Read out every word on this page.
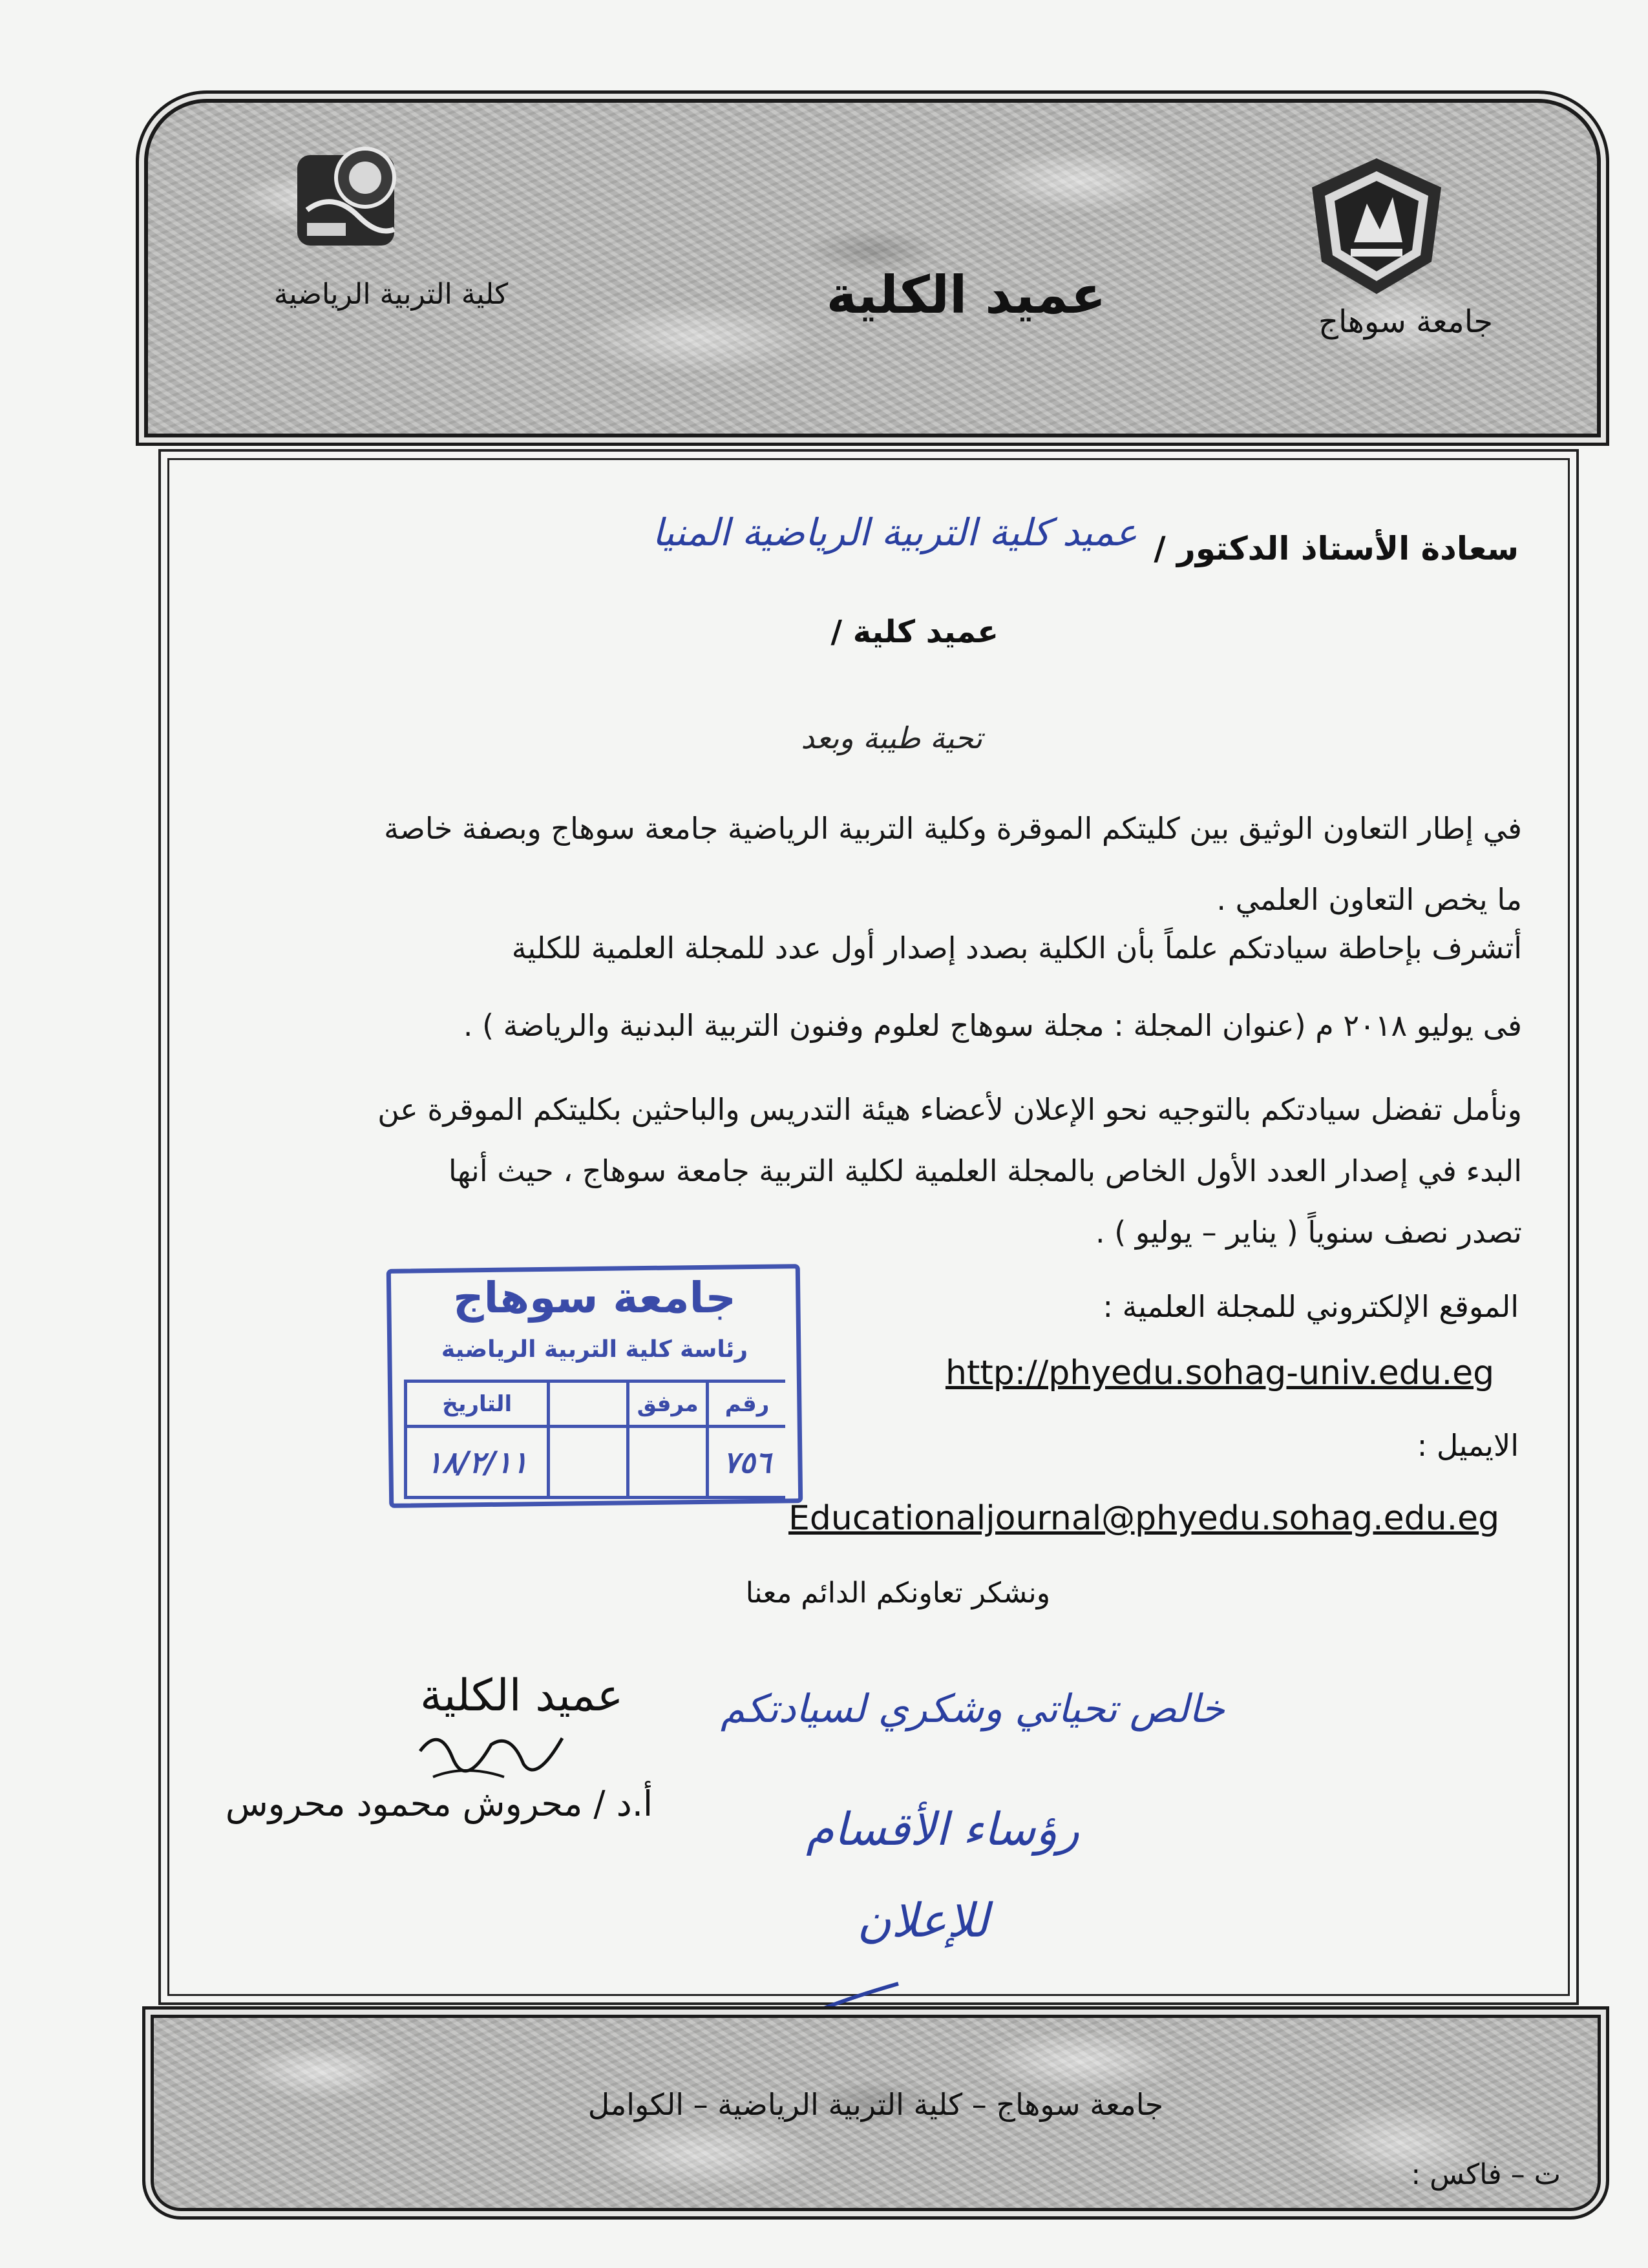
كلية التربية الرياضية	عميد الكلية	جامعة سوهاج
سعادة الأستاذ الدكتور /
عميد كلية التربية الرياضية المنيا
عميد كلية /
تحية طيبة وبعد
في إطار التعاون الوثيق بين كليتكم الموقرة وكلية التربية الرياضية جامعة سوهاج وبصفة خاصة
ما يخص التعاون العلمي .
أتشرف بإحاطة سيادتكم علماً بأن الكلية بصدد إصدار أول عدد للمجلة العلمية للكلية
فى يوليو ٢٠١٨ م (عنوان المجلة : مجلة سوهاج لعلوم وفنون التربية البدنية والرياضة ) .
ونأمل تفضل سيادتكم بالتوجيه نحو الإعلان لأعضاء هيئة التدريس والباحثين بكليتكم الموقرة عن
البدء في إصدار العدد الأول الخاص بالمجلة العلمية لكلية التربية جامعة سوهاج ، حيث أنها
تصدر نصف سنوياً ( يناير – يوليو ) .
الموقع الإلكتروني للمجلة العلمية :
http://phyedu.sohag-univ.edu.eg
الايميل :
Educationaljournal@phyedu.sohag.edu.eg
ونشكر تعاونكم الدائم معنا
جامعة سوهاج
رئاسة كلية التربية الرياضية
رقم
مرفق
التاريخ
٧٥٦
١٨/٢/١١
عميد الكلية
أ.د / محروش محمود محروس
خالص تحياتي وشكري لسيادتكم
رؤساء الأقسام
للإعلان
جامعة سوهاج – كلية التربية الرياضية – الكوامل
ت – فاكس :
